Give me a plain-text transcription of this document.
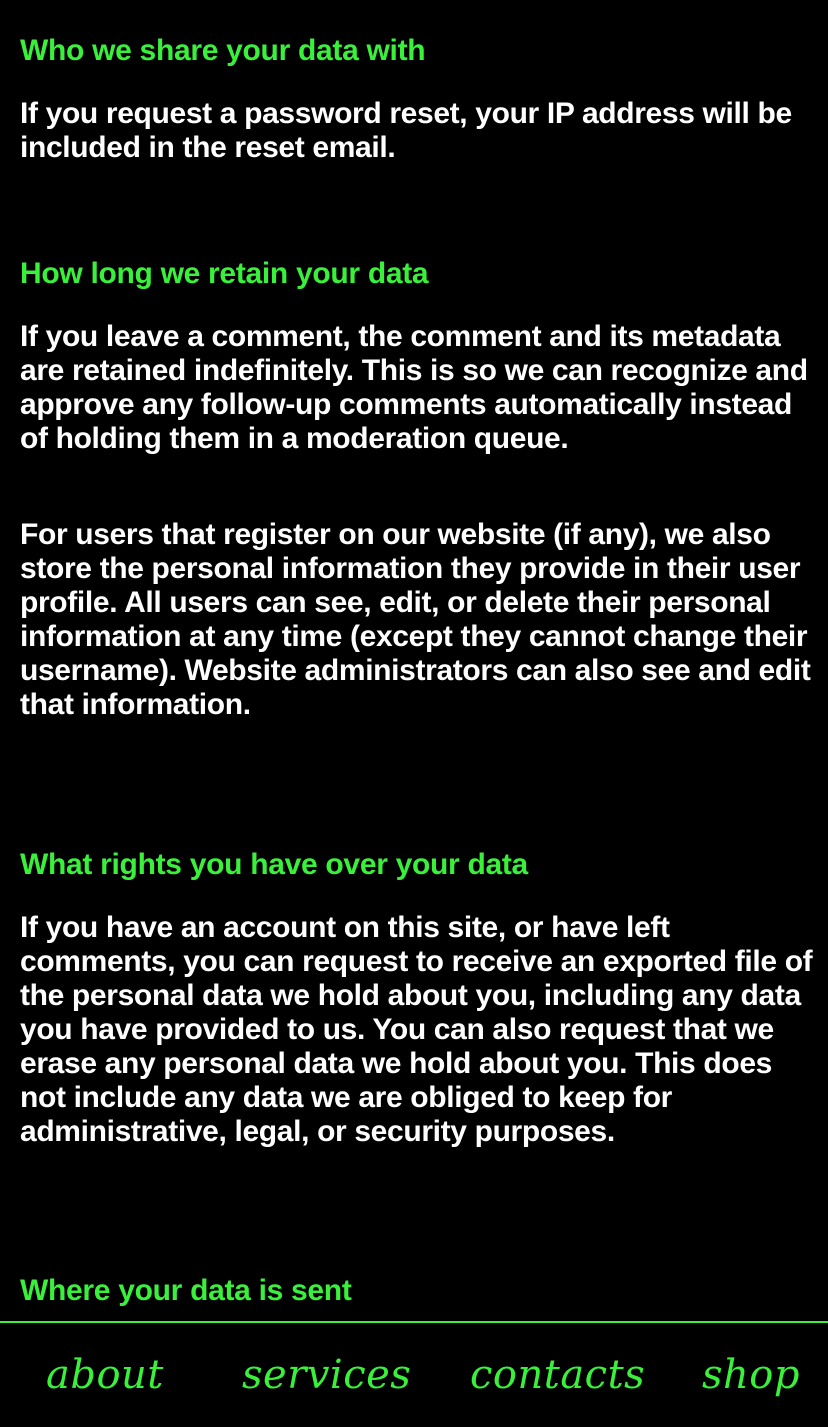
Who we share your data with

If you request a password reset, your IP address will be included in the reset email.

How long we retain your data

If you leave a comment, the comment and its metadata are retained indefinitely. This is so we can recognize and approve any follow-up comments automatically instead of holding them in a moderation queue.

For users that register on our website (if any), we also store the personal information they provide in their user profile. All users can see, edit, or delete their personal information at any time (except they cannot change their username). Website administrators can also see and edit that information.

What rights you have over your data

If you have an account on this site, or have left comments, you can request to receive an exported file of the personal data we hold about you, including any data you have provided to us. You can also request that we erase any personal data we hold about you. This does not include any data we are obliged to keep for administrative, legal, or security purposes.

Where your data is sent
about services contacts shop
